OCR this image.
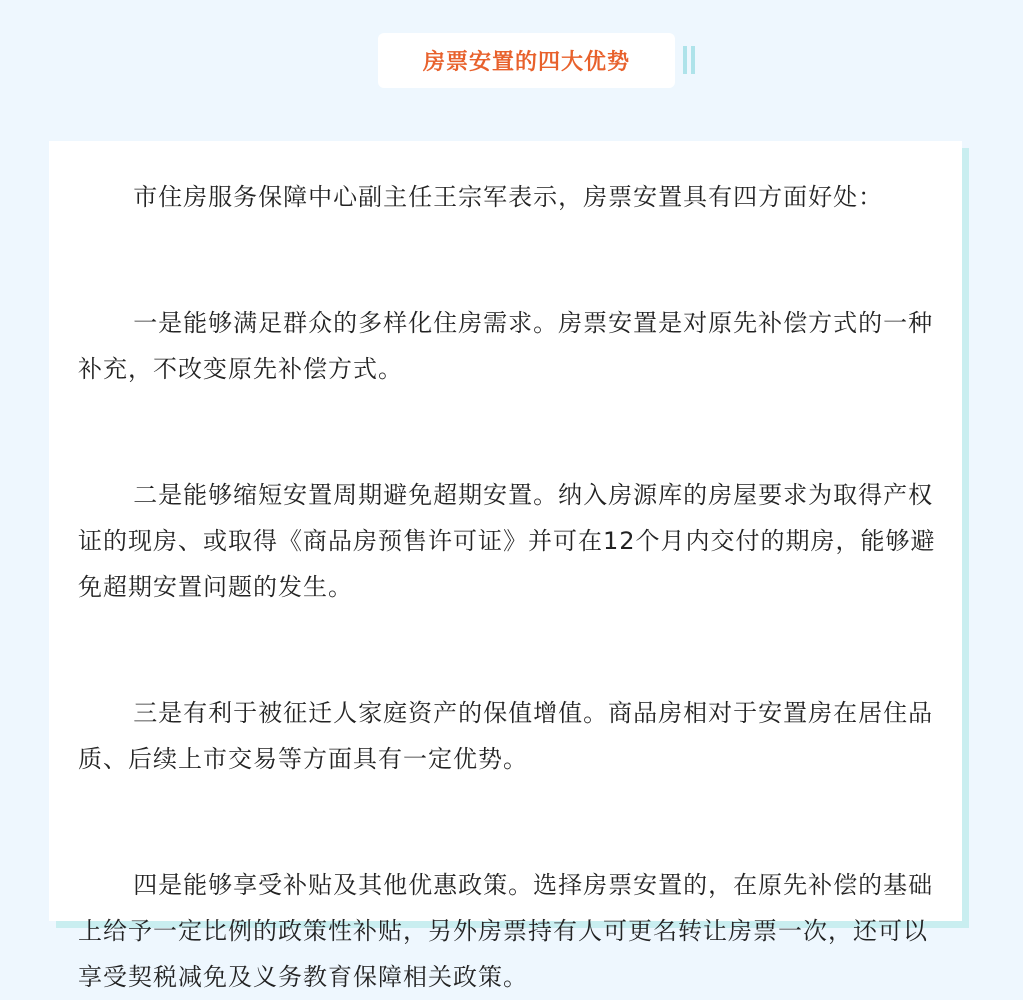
房票安置的四大优势

市住房服务保障中心副主任王宗军表示，房票安置具有四方面好处：

一是能够满足群众的多样化住房需求。房票安置是对原先补偿方式的一种补充，不改变原先补偿方式。

二是能够缩短安置周期避免超期安置。纳入房源库的房屋要求为取得产权证的现房、或取得《商品房预售许可证》并可在12个月内交付的期房，能够避免超期安置问题的发生。

三是有利于被征迁人家庭资产的保值增值。商品房相对于安置房在居住品质、后续上市交易等方面具有一定优势。

四是能够享受补贴及其他优惠政策。选择房票安置的，在原先补偿的基础上给予一定比例的政策性补贴，另外房票持有人可更名转让房票一次，还可以享受契税减免及义务教育保障相关政策。
